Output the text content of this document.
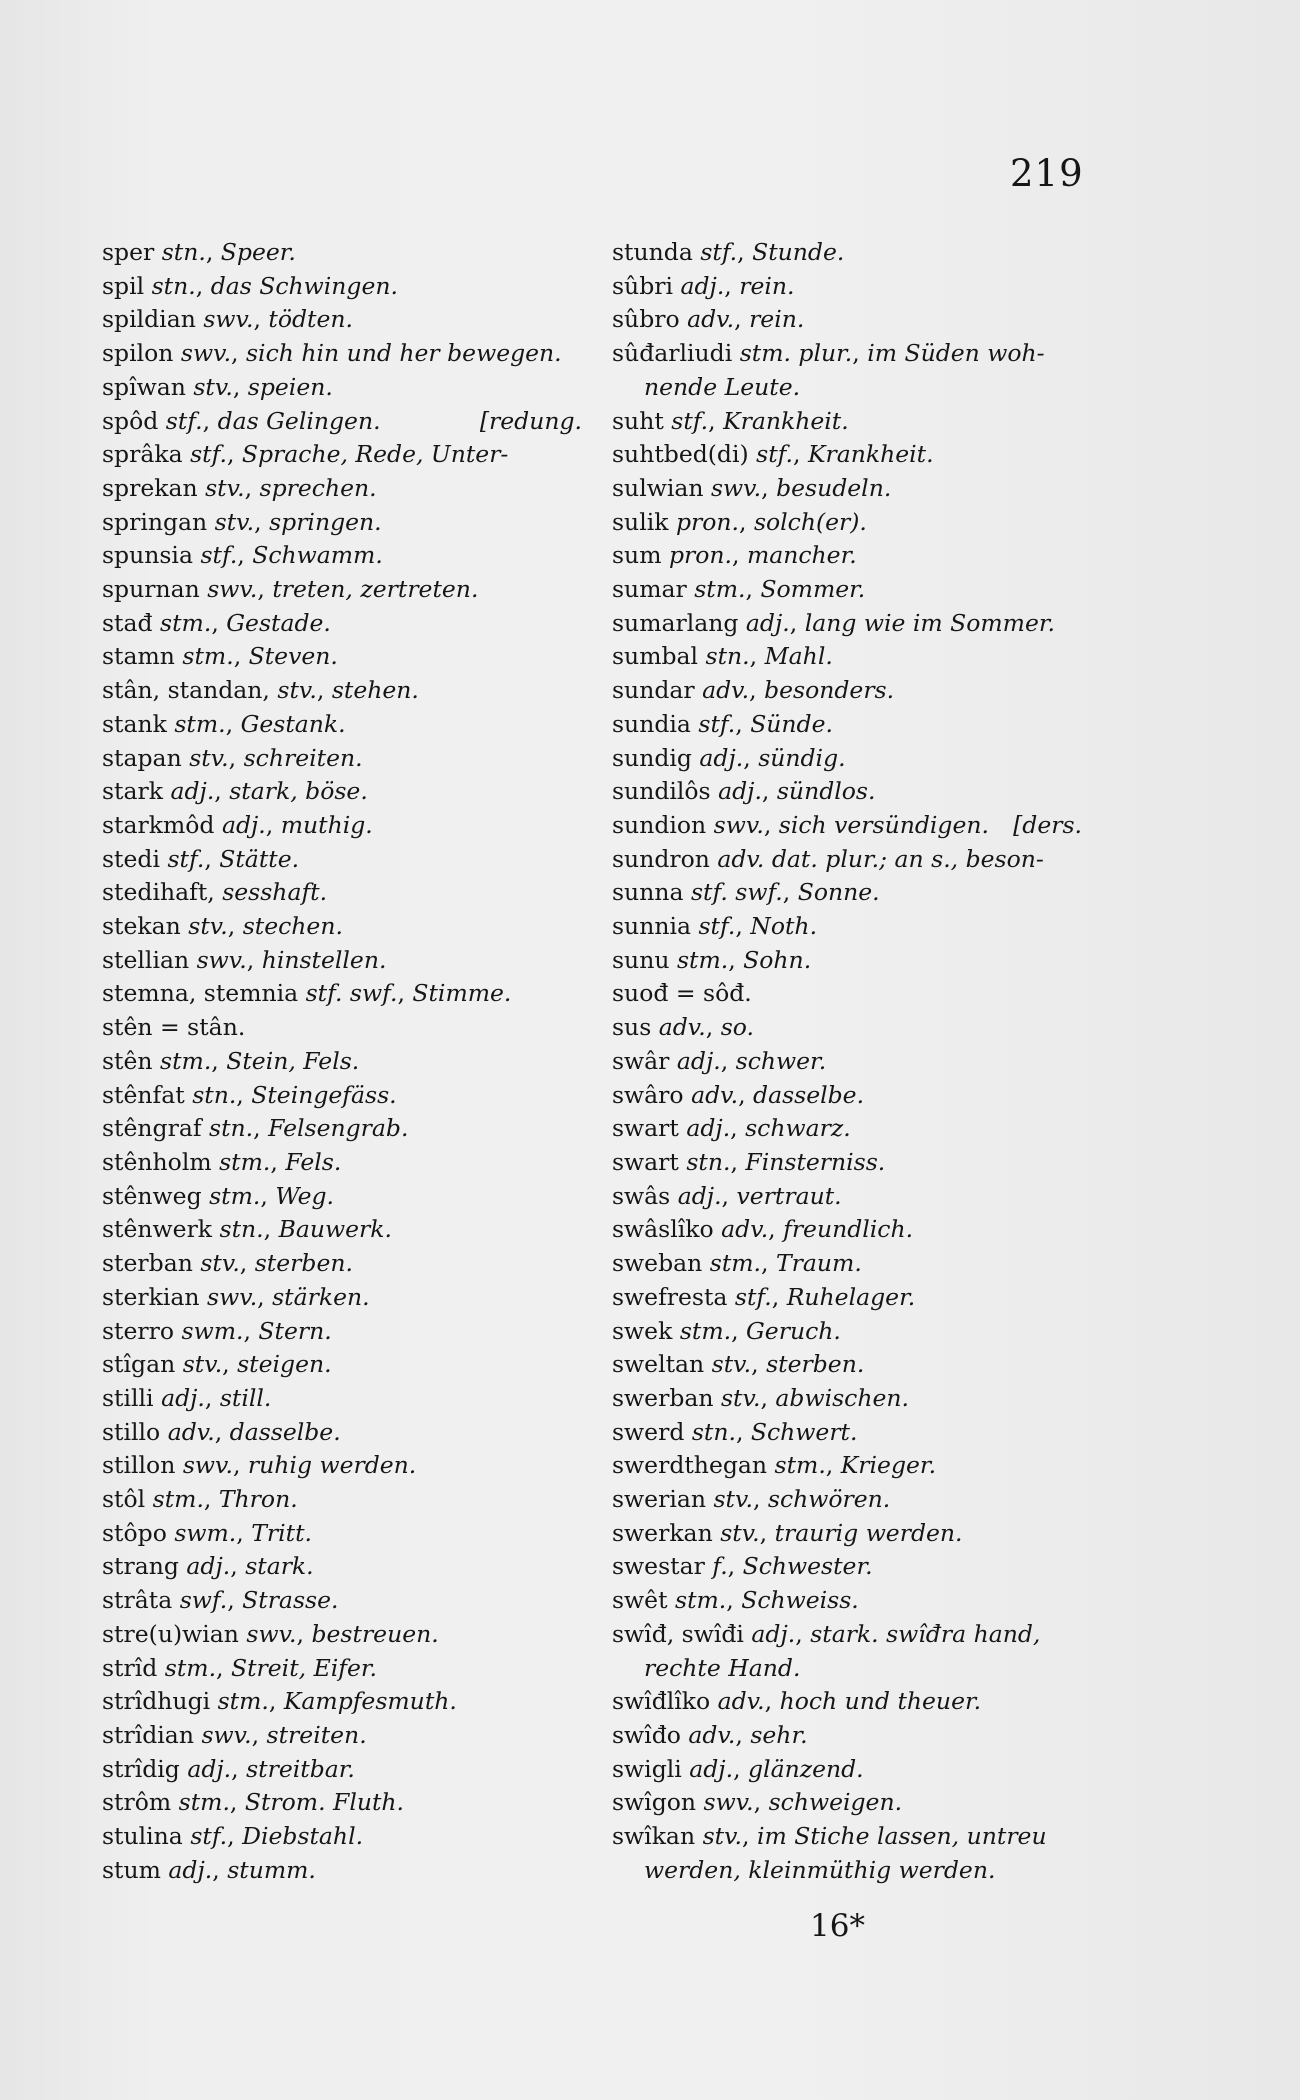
219
sper stn., Speer.
spil stn., das Schwingen.
spildian swv., tödten.
spilon swv., sich hin und her bewegen.
spîwan stv., speien.
spôd stf., das Gelingen.	[redung.
sprâka stf., Sprache, Rede, Unter-
sprekan stv., sprechen.
springan stv., springen.
spunsia stf., Schwamm.
spurnan swv., treten, zertreten.
stađ stm., Gestade.
stamn stm., Steven.
stân, standan, stv., stehen.
stank stm., Gestank.
stapan stv., schreiten.
stark adj., stark, böse.
starkmôd adj., muthig.
stedi stf., Stätte.
stedihaft, sesshaft.
stekan stv., stechen.
stellian swv., hinstellen.
stemna, stemnia stf. swf., Stimme.
stên = stân.
stên stm., Stein, Fels.
stênfat stn., Steingefäss.
stêngraf stn., Felsengrab.
stênholm stm., Fels.
stênweg stm., Weg.
stênwerk stn., Bauwerk.
sterban stv., sterben.
sterkian swv., stärken.
sterro swm., Stern.
stîgan stv., steigen.
stilli adj., still.
stillo adv., dasselbe.
stillon swv., ruhig werden.
stôl stm., Thron.
stôpo swm., Tritt.
strang adj., stark.
strâta swf., Strasse.
stre(u)wian swv., bestreuen.
strîd stm., Streit, Eifer.
strîdhugi stm., Kampfesmuth.
strîdian swv., streiten.
strîdig adj., streitbar.
strôm stm., Strom. Fluth.
stulina stf., Diebstahl.
stum adj., stumm.
stunda stf., Stunde.
sûbri adj., rein.
sûbro adv., rein.
sûđarliudi stm. plur., im Süden woh-
nende Leute.
suht stf., Krankheit.
suhtbed(di) stf., Krankheit.
sulwian swv., besudeln.
sulik pron., solch(er).
sum pron., mancher.
sumar stm., Sommer.
sumarlang adj., lang wie im Sommer.
sumbal stn., Mahl.
sundar adv., besonders.
sundia stf., Sünde.
sundig adj., sündig.
sundilôs adj., sündlos.
sundion swv., sich versündigen. [ders.
sundron adv. dat. plur.; an s., beson-
sunna stf. swf., Sonne.
sunnia stf., Noth.
sunu stm., Sohn.
suođ = sôđ.
sus adv., so.
swâr adj., schwer.
swâro adv., dasselbe.
swart adj., schwarz.
swart stn., Finsterniss.
swâs adj., vertraut.
swâslîko adv., freundlich.
sweban stm., Traum.
swefresta stf., Ruhelager.
swek stm., Geruch.
sweltan stv., sterben.
swerban stv., abwischen.
swerd stn., Schwert.
swerdthegan stm., Krieger.
swerian stv., schwören.
swerkan stv., traurig werden.
swestar f., Schwester.
swêt stm., Schweiss.
swîđ, swîđi adj., stark. swîđra hand,
rechte Hand.
swîđlîko adv., hoch und theuer.
swîđo adv., sehr.
swigli adj., glänzend.
swîgon swv., schweigen.
swîkan stv., im Stiche lassen, untreu
werden, kleinmüthig werden.
16*
